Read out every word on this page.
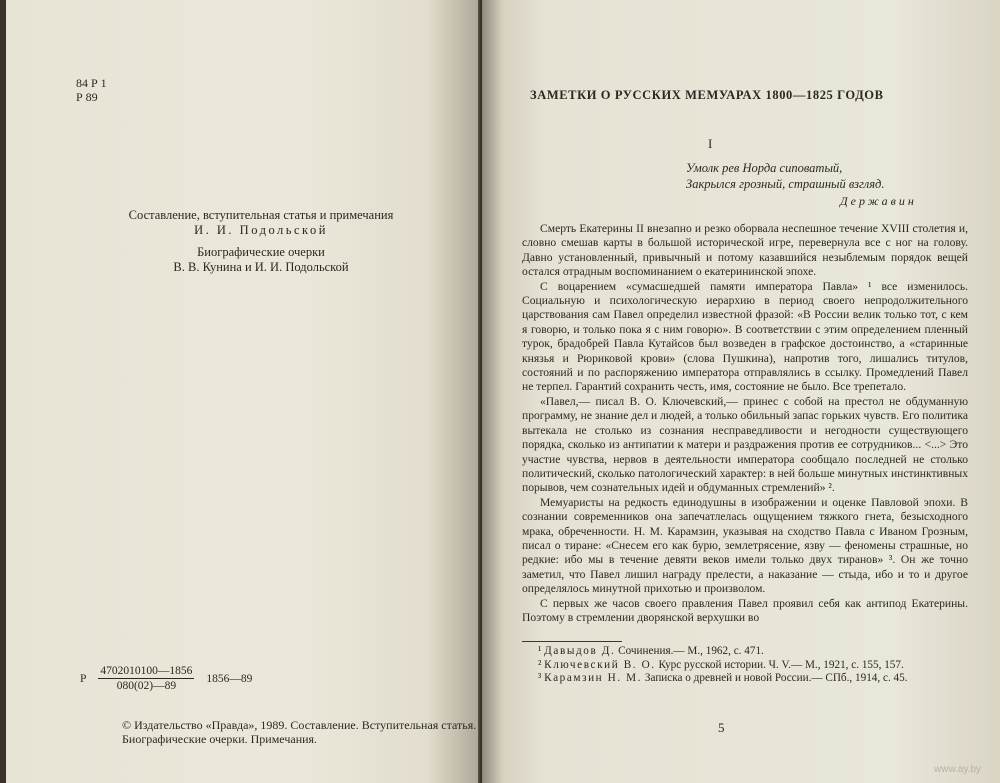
84 Р 1
Р 89
Составление, вступительная статья и примечания
И. И. Подольской
Биографические очерки
В. В. Кунина и И. И. Подольской
Р $\frac{4702010100—1856}{080(02)—89}$ 1856—89
© Издательство «Правда», 1989. Составление. Вступительная статья. Биографические очерки. Примечания.
ЗАМЕТКИ О РУССКИХ МЕМУАРАХ 1800—1825 ГОДОВ
I
Умолк рев Норда сиповатый,
Закрылся грозный, страшный взгляд.
Державин

Смерть Екатерины II внезапно и резко оборвала неспешное течение XVIII столетия и, словно смешав карты в большой исторической игре, перевернула все с ног на голову. Давно установленный, привычный и потому казавшийся незыблемым порядок вещей остался отрадным воспоминанием о екатерининской эпохе.

С воцарением «сумасшедшей памяти императора Павла» ¹ все изменилось. Социальную и психологическую иерархию в период своего непродолжительного царствования сам Павел определил известной фразой: «В России велик только тот, с кем я говорю, и только пока я с ним говорю». В соответствии с этим определением пленный турок, брадобрей Павла Кутайсов был возведен в графское достоинство, а «старинные князья и Рюриковой крови» (слова Пушкина), напротив того, лишались титулов, состояний и по распоряжению императора отправлялись в ссылку. Промедлений Павел не терпел. Гарантий сохранить честь, имя, состояние не было. Все трепетало.

«Павел,— писал В. О. Ключевский,— принес с собой на престол не обдуманную программу, не знание дел и людей, а только обильный запас горьких чувств. Его политика вытекала не столько из сознания несправедливости и негодности существующего порядка, сколько из антипатии к матери и раздражения против ее сотрудников... <...> Это участие чувства, нервов в деятельности императора сообщало последней не столько политический, сколько патологический характер: в ней больше минутных инстинктивных порывов, чем сознательных идей и обдуманных стремлений» ².

Мемуаристы на редкость единодушны в изображении и оценке Павловой эпохи. В сознании современников она запечатлелась ощущением тяжкого гнета, безысходного мрака, обреченности. Н. М. Карамзин, указывая на сходство Павла с Иваном Грозным, писал о тиране: «Снесем его как бурю, землетрясение, язву — феномены страшные, но редкие: ибо мы в течение девяти веков имели только двух тиранов» ³. Он же точно заметил, что Павел лишил награду прелести, а наказание — стыда, ибо и то и другое определялось минутной прихотью и произволом.

С первых же часов своего правления Павел проявил себя как антипод Екатерины. Поэтому в стремлении дворянской верхушки во

¹ Давыдов Д. Сочинения.— М., 1962, с. 471.

² Ключевский В. О. Курс русской истории. Ч. V.— М., 1921, с. 155, 157.

³ Карамзин Н. М. Записка о древней и новой России.— СПб., 1914, с. 45.

5
www.ay.by
